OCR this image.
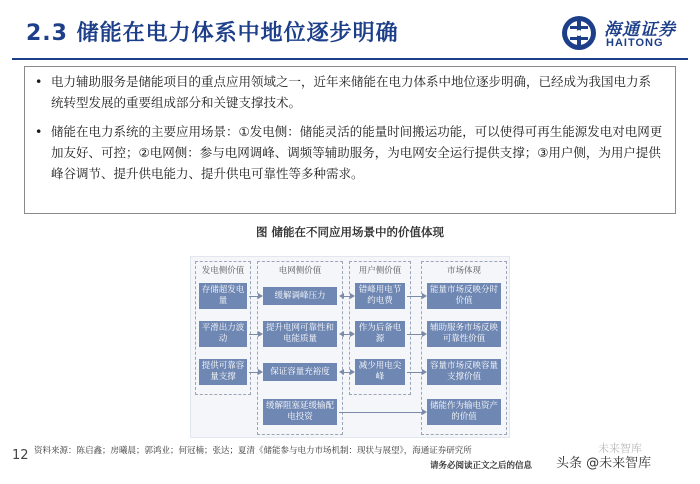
2.3 储能在电力体系中地位逐步明确	海通证券
HAITONG
• 电力辅助服务是储能项目的重点应用领域之一，近年来储能在电力体系中地位逐步明确，已经成为我国电力系统转型发展的重要组成部分和关键支撑技术。
• 储能在电力系统的主要应用场景：①发电侧：储能灵活的能量时间搬运功能，可以使得可再生能源发电对电网更加友好、可控；②电网侧：参与电网调峰、调频等辅助服务，为电网安全运行提供支撑；③用户侧，为用户提供峰谷调节、提升供电能力、提升供电可靠性等多种需求。
图 储能在不同应用场景中的价值体现
发电侧价值	电网侧价值	用户侧价值	市场体现
存储超发电量
平滑出力波动
提供可靠容量支撑
缓解调峰压力
提升电网可靠性和电能质量
保证容量充裕度
缓解阻塞延缓输配电投资
错峰用电节约电费
作为后备电源
减少用电尖峰
能量市场反映分时价值
辅助服务市场反映可靠性价值
容量市场反映容量支撑价值
储能作为输电资产的价值
12 资料来源：陈启鑫；房曦晨；郭鸿业；何冠楠；张达；夏清《储能参与电力市场机制：现状与展望》，海通证券研究所	未来智库
请务必阅读正文之后的信息 头条 @未来智库
